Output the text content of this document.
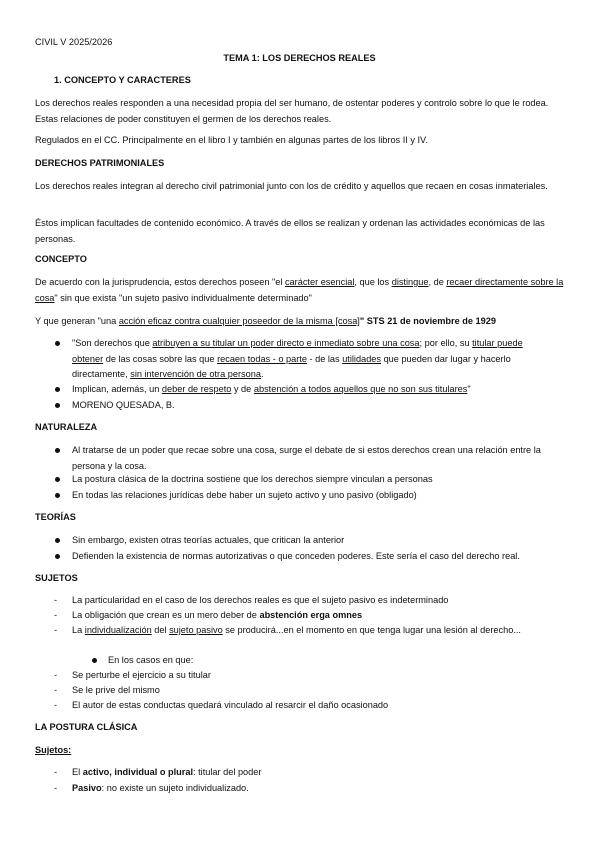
CIVIL V 2025/2026

TEMA 1: LOS DERECHOS REALES

1. CONCEPTO Y CARACTERES

Los derechos reales responden a una necesidad propia del ser humano, de ostentar poderes y controlo sobre lo que le rodea. Estas relaciones de poder constituyen el germen de los derechos reales.

Regulados en el CC. Principalmente en el libro I y también en algunas partes de los libros II y IV.

DERECHOS PATRIMONIALES

Los derechos reales integran al derecho civil patrimonial junto con los de crédito y aquellos que recaen en cosas inmateriales.

Éstos implican facultades de contenido económico. A través de ellos se realizan y ordenan las actividades económicas de las personas.

CONCEPTO

De acuerdo con la jurisprudencia, estos derechos poseen "el carácter esencial, que los distingue, de recaer directamente sobre la cosa" sin que exista "un sujeto pasivo individualmente determinado"

Y que generan "una acción eficaz contra cualquier poseedor de la misma [cosa]" STS 21 de noviembre de 1929

"Son derechos que atribuyen a su titular un poder directo e inmediato sobre una cosa; por ello, su titular puede obtener de las cosas sobre las que recaen todas - o parte - de las utilidades que pueden dar lugar y hacerlo directamente, sin intervención de otra persona.

Implican, además, un deber de respeto y de abstención a todos aquellos que no son sus titulares"

MORENO QUESADA, B.

NATURALEZA

Al tratarse de un poder que recae sobre una cosa, surge el debate de si estos derechos crean una relación entre la persona y la cosa.

La postura clásica de la doctrina sostiene que los derechos siempre vinculan a personas

En todas las relaciones jurídicas debe haber un sujeto activo y uno pasivo (obligado)

TEORÍAS

Sin embargo, existen otras teorías actuales, que critican la anterior

Defienden la existencia de normas autorizativas o que conceden poderes. Este sería el caso del derecho real.

SUJETOS

- La particularidad en el caso de los derechos reales es que el sujeto pasivo es indeterminado

- La obligación que crean es un mero deber de abstención erga omnes

- La individualización del sujeto pasivo se producirá...en el momento en que tenga lugar una lesión al derecho...

En los casos en que:
- Se perturbe el ejercicio a su titular

- Se le prive del mismo

- El autor de estas conductas quedará vinculado al resarcir el daño ocasionado

LA POSTURA CLÁSICA

Sujetos:

- El activo, individual o plural: titular del poder

- Pasivo: no existe un sujeto individualizado.
